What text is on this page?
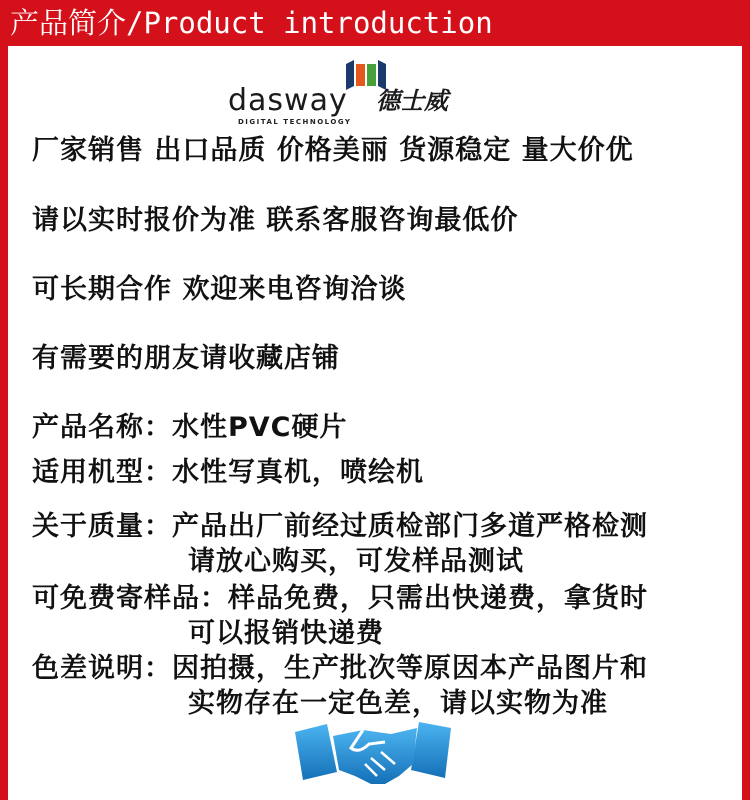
产品简介/Product introduction
dasway 德士威
DIGITAL TECHNOLOGY
厂家销售 出口品质 价格美丽 货源稳定 量大价优
请以实时报价为准 联系客服咨询最低价
可长期合作 欢迎来电咨询洽谈
有需要的朋友请收藏店铺
产品名称：水性PVC硬片
适用机型：水性写真机，喷绘机
关于质量：产品出厂前经过质检部门多道严格检测
请放心购买，可发样品测试
可免费寄样品：样品免费，只需出快递费，拿货时
可以报销快递费
色差说明：因拍摄，生产批次等原因本产品图片和
实物存在一定色差，请以实物为准
